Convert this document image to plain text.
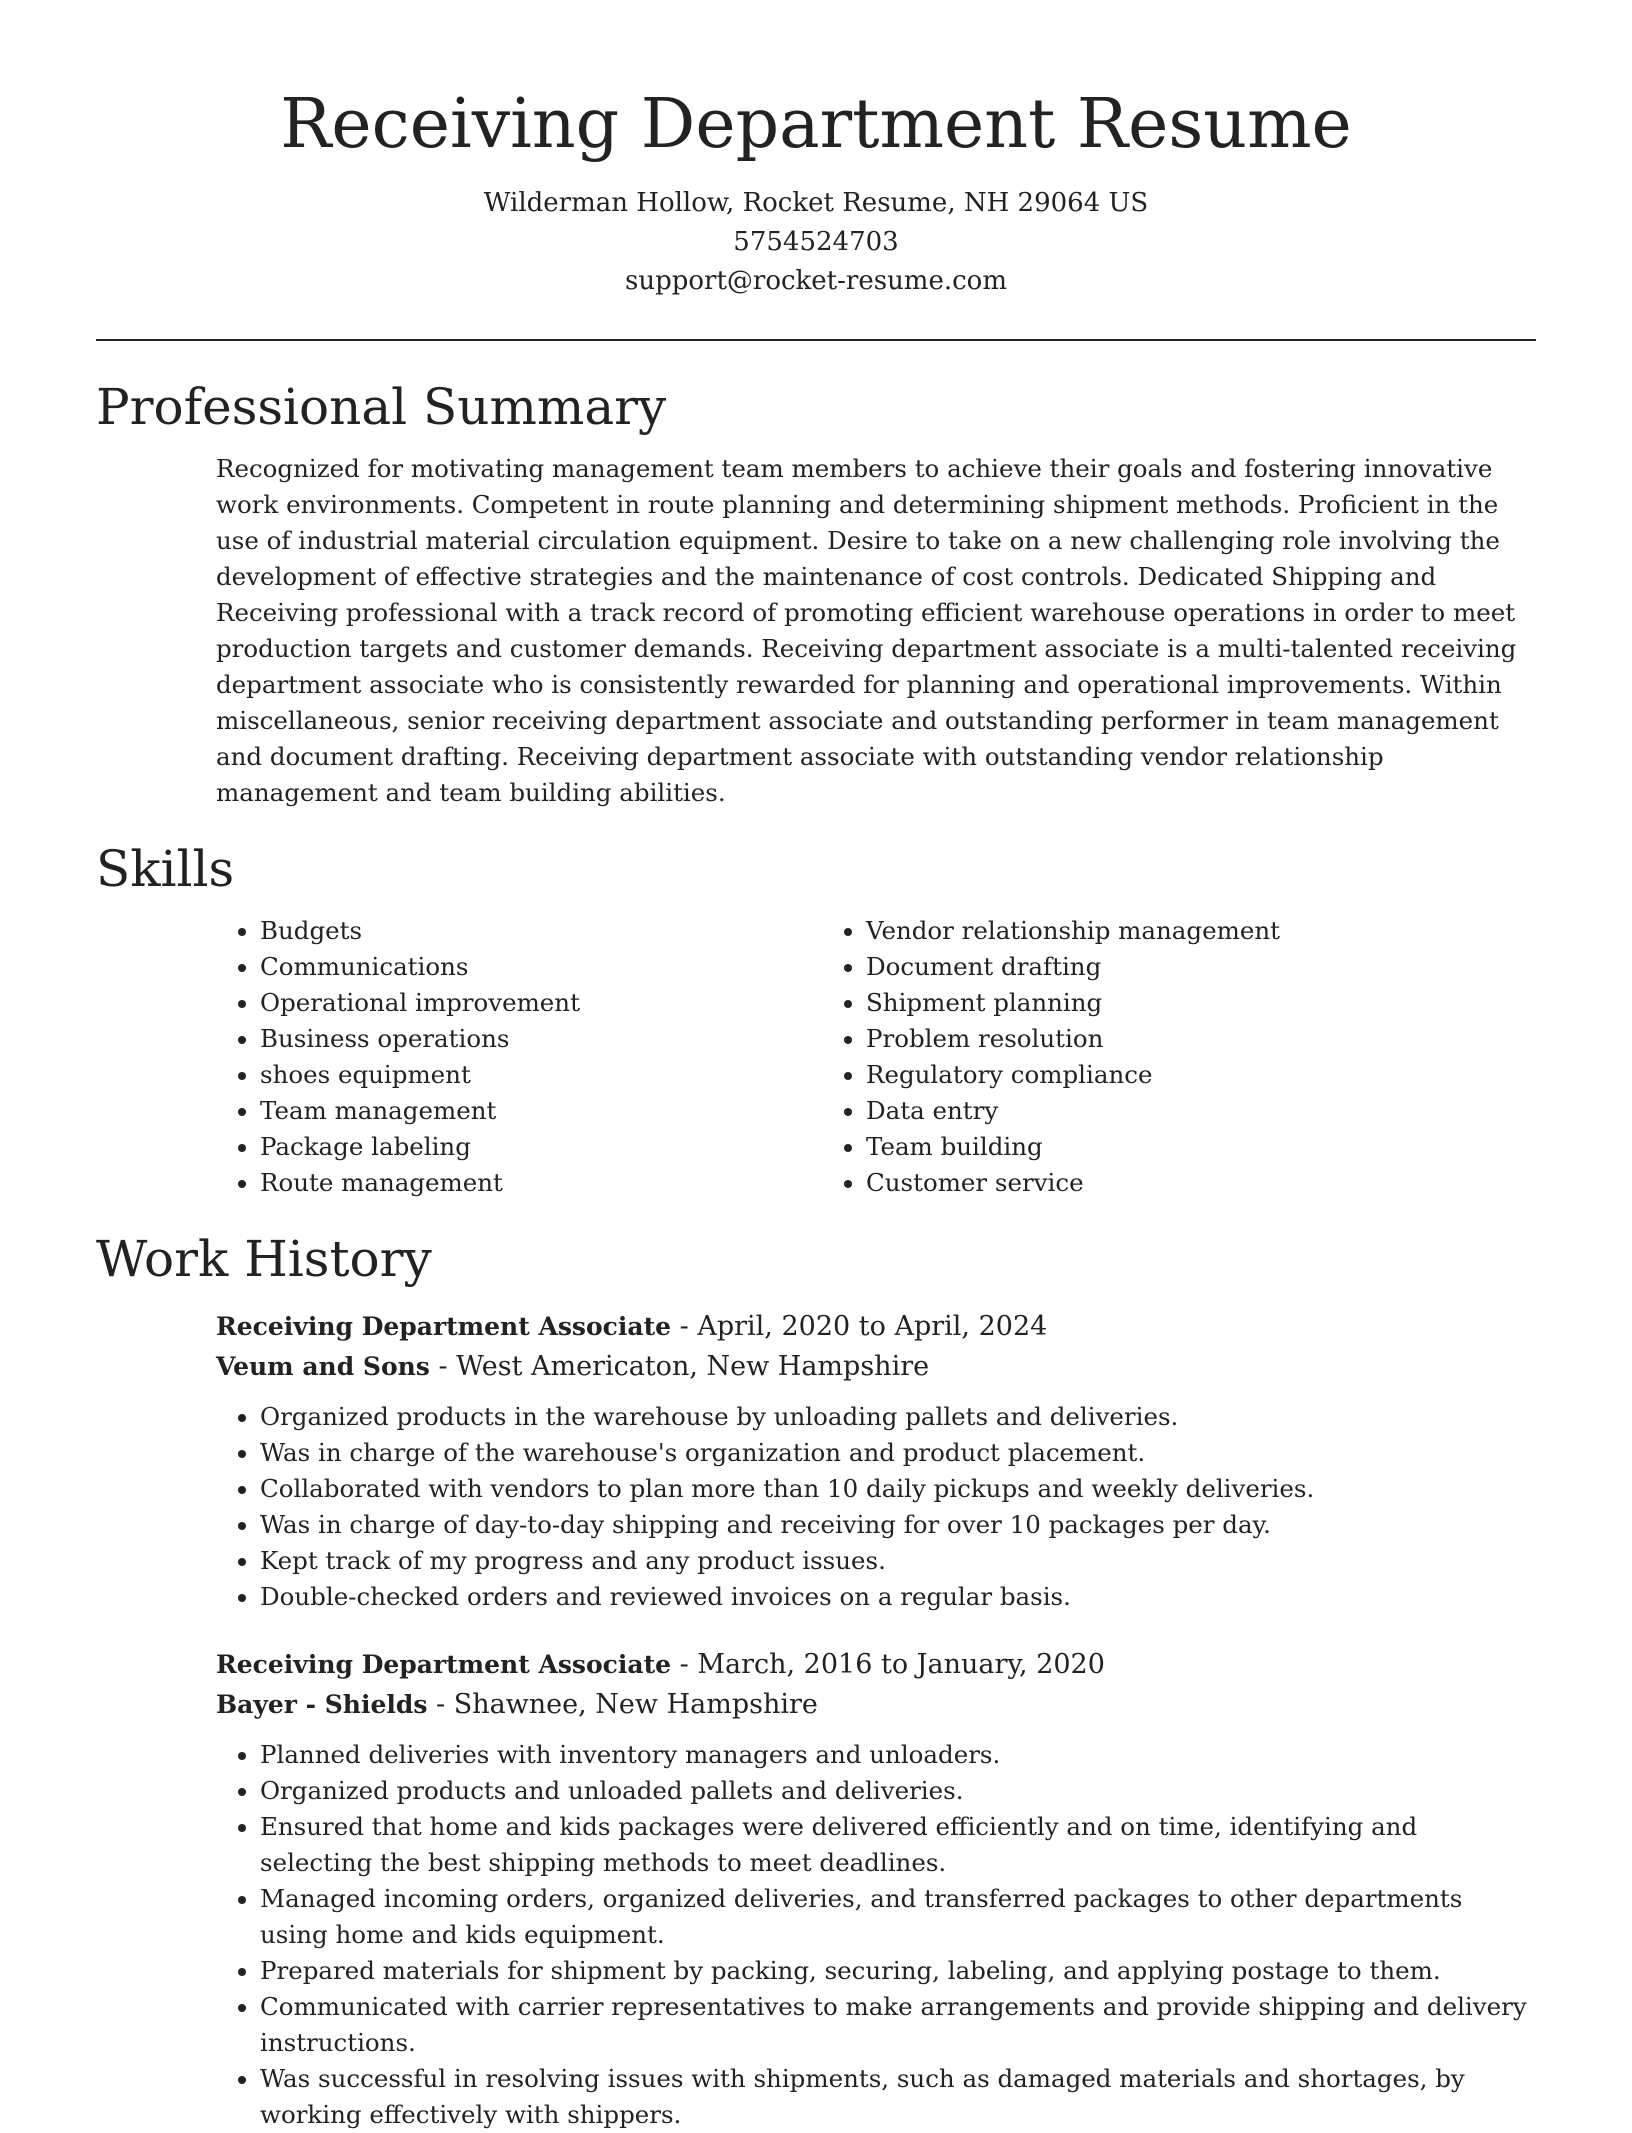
Receiving Department Resume

Wilderman Hollow, Rocket Resume, NH 29064 US

5754524703

support@rocket-resume.com

Professional Summary

Recognized for motivating management team members to achieve their goals and fostering innovative work environments. Competent in route planning and determining shipment methods. Proficient in the use of industrial material circulation equipment. Desire to take on a new challenging role involving the development of effective strategies and the maintenance of cost controls. Dedicated Shipping and Receiving professional with a track record of promoting efficient warehouse operations in order to meet production targets and customer demands. Receiving department associate is a multi-talented receiving department associate who is consistently rewarded for planning and operational improvements. Within miscellaneous, senior receiving department associate and outstanding performer in team management and document drafting. Receiving department associate with outstanding vendor relationship management and team building abilities.

Skills
• Budgets
• Communications
• Operational improvement
• Business operations
• shoes equipment
• Team management
• Package labeling
• Route management
• Vendor relationship management
• Document drafting
• Shipment planning
• Problem resolution
• Regulatory compliance
• Data entry
• Team building
• Customer service
Work History

Receiving Department Associate - April, 2020 to April, 2024

Veum and Sons - West Americaton, New Hampshire

• Organized products in the warehouse by unloading pallets and deliveries.
• Was in charge of the warehouse's organization and product placement.
• Collaborated with vendors to plan more than 10 daily pickups and weekly deliveries.
• Was in charge of day-to-day shipping and receiving for over 10 packages per day.
• Kept track of my progress and any product issues.
• Double-checked orders and reviewed invoices on a regular basis.

Receiving Department Associate - March, 2016 to January, 2020

Bayer - Shields - Shawnee, New Hampshire

• Planned deliveries with inventory managers and unloaders.
• Organized products and unloaded pallets and deliveries.
• Ensured that home and kids packages were delivered efficiently and on time, identifying and selecting the best shipping methods to meet deadlines.
• Managed incoming orders, organized deliveries, and transferred packages to other departments using home and kids equipment.
• Prepared materials for shipment by packing, securing, labeling, and applying postage to them.
• Communicated with carrier representatives to make arrangements and provide shipping and delivery instructions.
• Was successful in resolving issues with shipments, such as damaged materials and shortages, by working effectively with shippers.
